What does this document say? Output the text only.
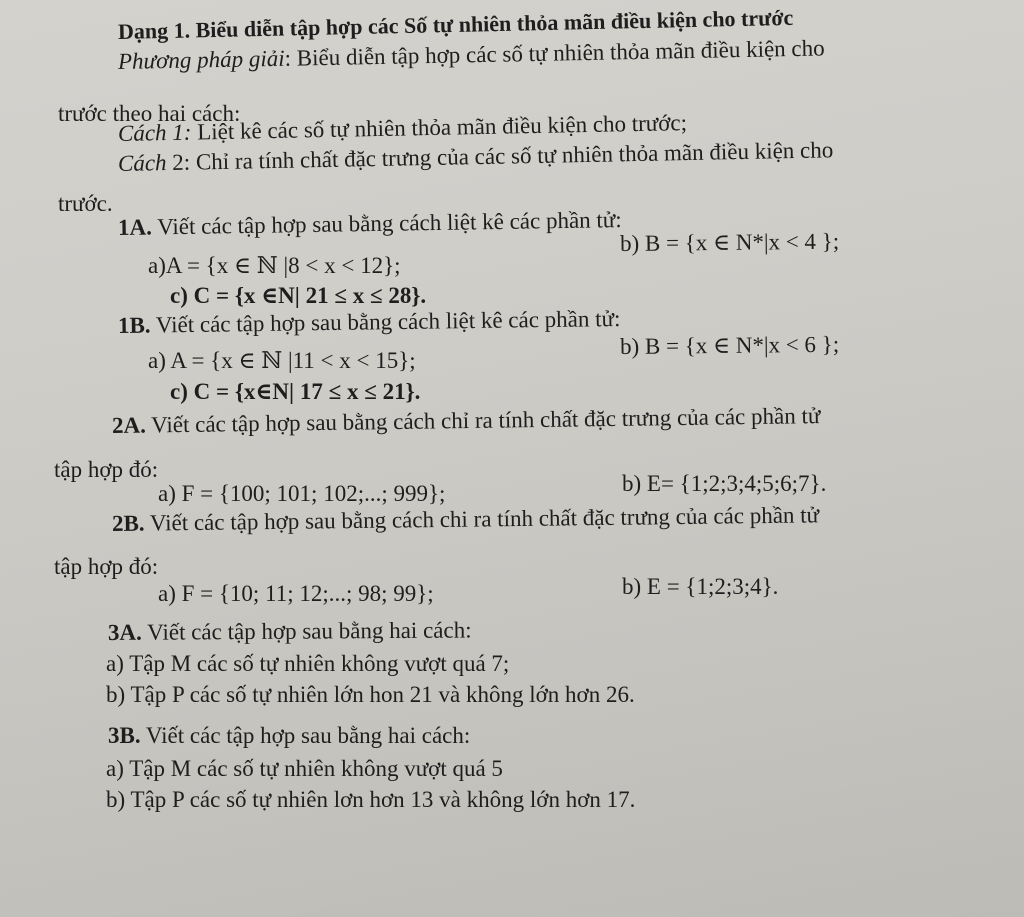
Dạng 1. Biểu diễn tập hợp các Số tự nhiên thỏa mãn điều kiện cho trước
Phương pháp giải: Biểu diễn tập hợp các số tự nhiên thỏa mãn điều kiện cho
trước theo hai cách:
Cách 1: Liệt kê các số tự nhiên thỏa mãn điều kiện cho trước;
Cách 2: Chỉ ra tính chất đặc trưng của các số tự nhiên thỏa mãn điều kiện cho
trước.
1A. Viết các tập hợp sau bằng cách liệt kê các phần tử:
a)A = {x ∈ ℕ |8 < x < 12};
b) B = {x ∈ N*|x < 4 };
c) C = {x ∈N| 21 ≤ x ≤ 28}.
1B. Viết các tập hợp sau bằng cách liệt kê các phần tử:
a) A = {x ∈ ℕ |11 < x < 15};
b) B = {x ∈ N*|x < 6 };
c) C = {x∈N| 17 ≤ x ≤ 21}.
2A. Viết các tập hợp sau bằng cách chỉ ra tính chất đặc trưng của các phần tử
tập hợp đó:
a) F = {100; 101; 102;...; 999};	b) E= {1;2;3;4;5;6;7}.
2B. Viết các tập hợp sau bằng cách chi ra tính chất đặc trưng của các phần tử
tập hợp đó:
a) F = {10; 11; 12;...; 98; 99};	b) E = {1;2;3;4}.
3A. Viết các tập hợp sau bằng hai cách:
a) Tập M các số tự nhiên không vượt quá 7;
b) Tập P các số tự nhiên lớn hon 21 và không lớn hơn 26.
3B. Viết các tập hợp sau bằng hai cách:
a) Tập M các số tự nhiên không vượt quá 5
b) Tập P các số tự nhiên lơn hơn 13 và không lớn hơn 17.
